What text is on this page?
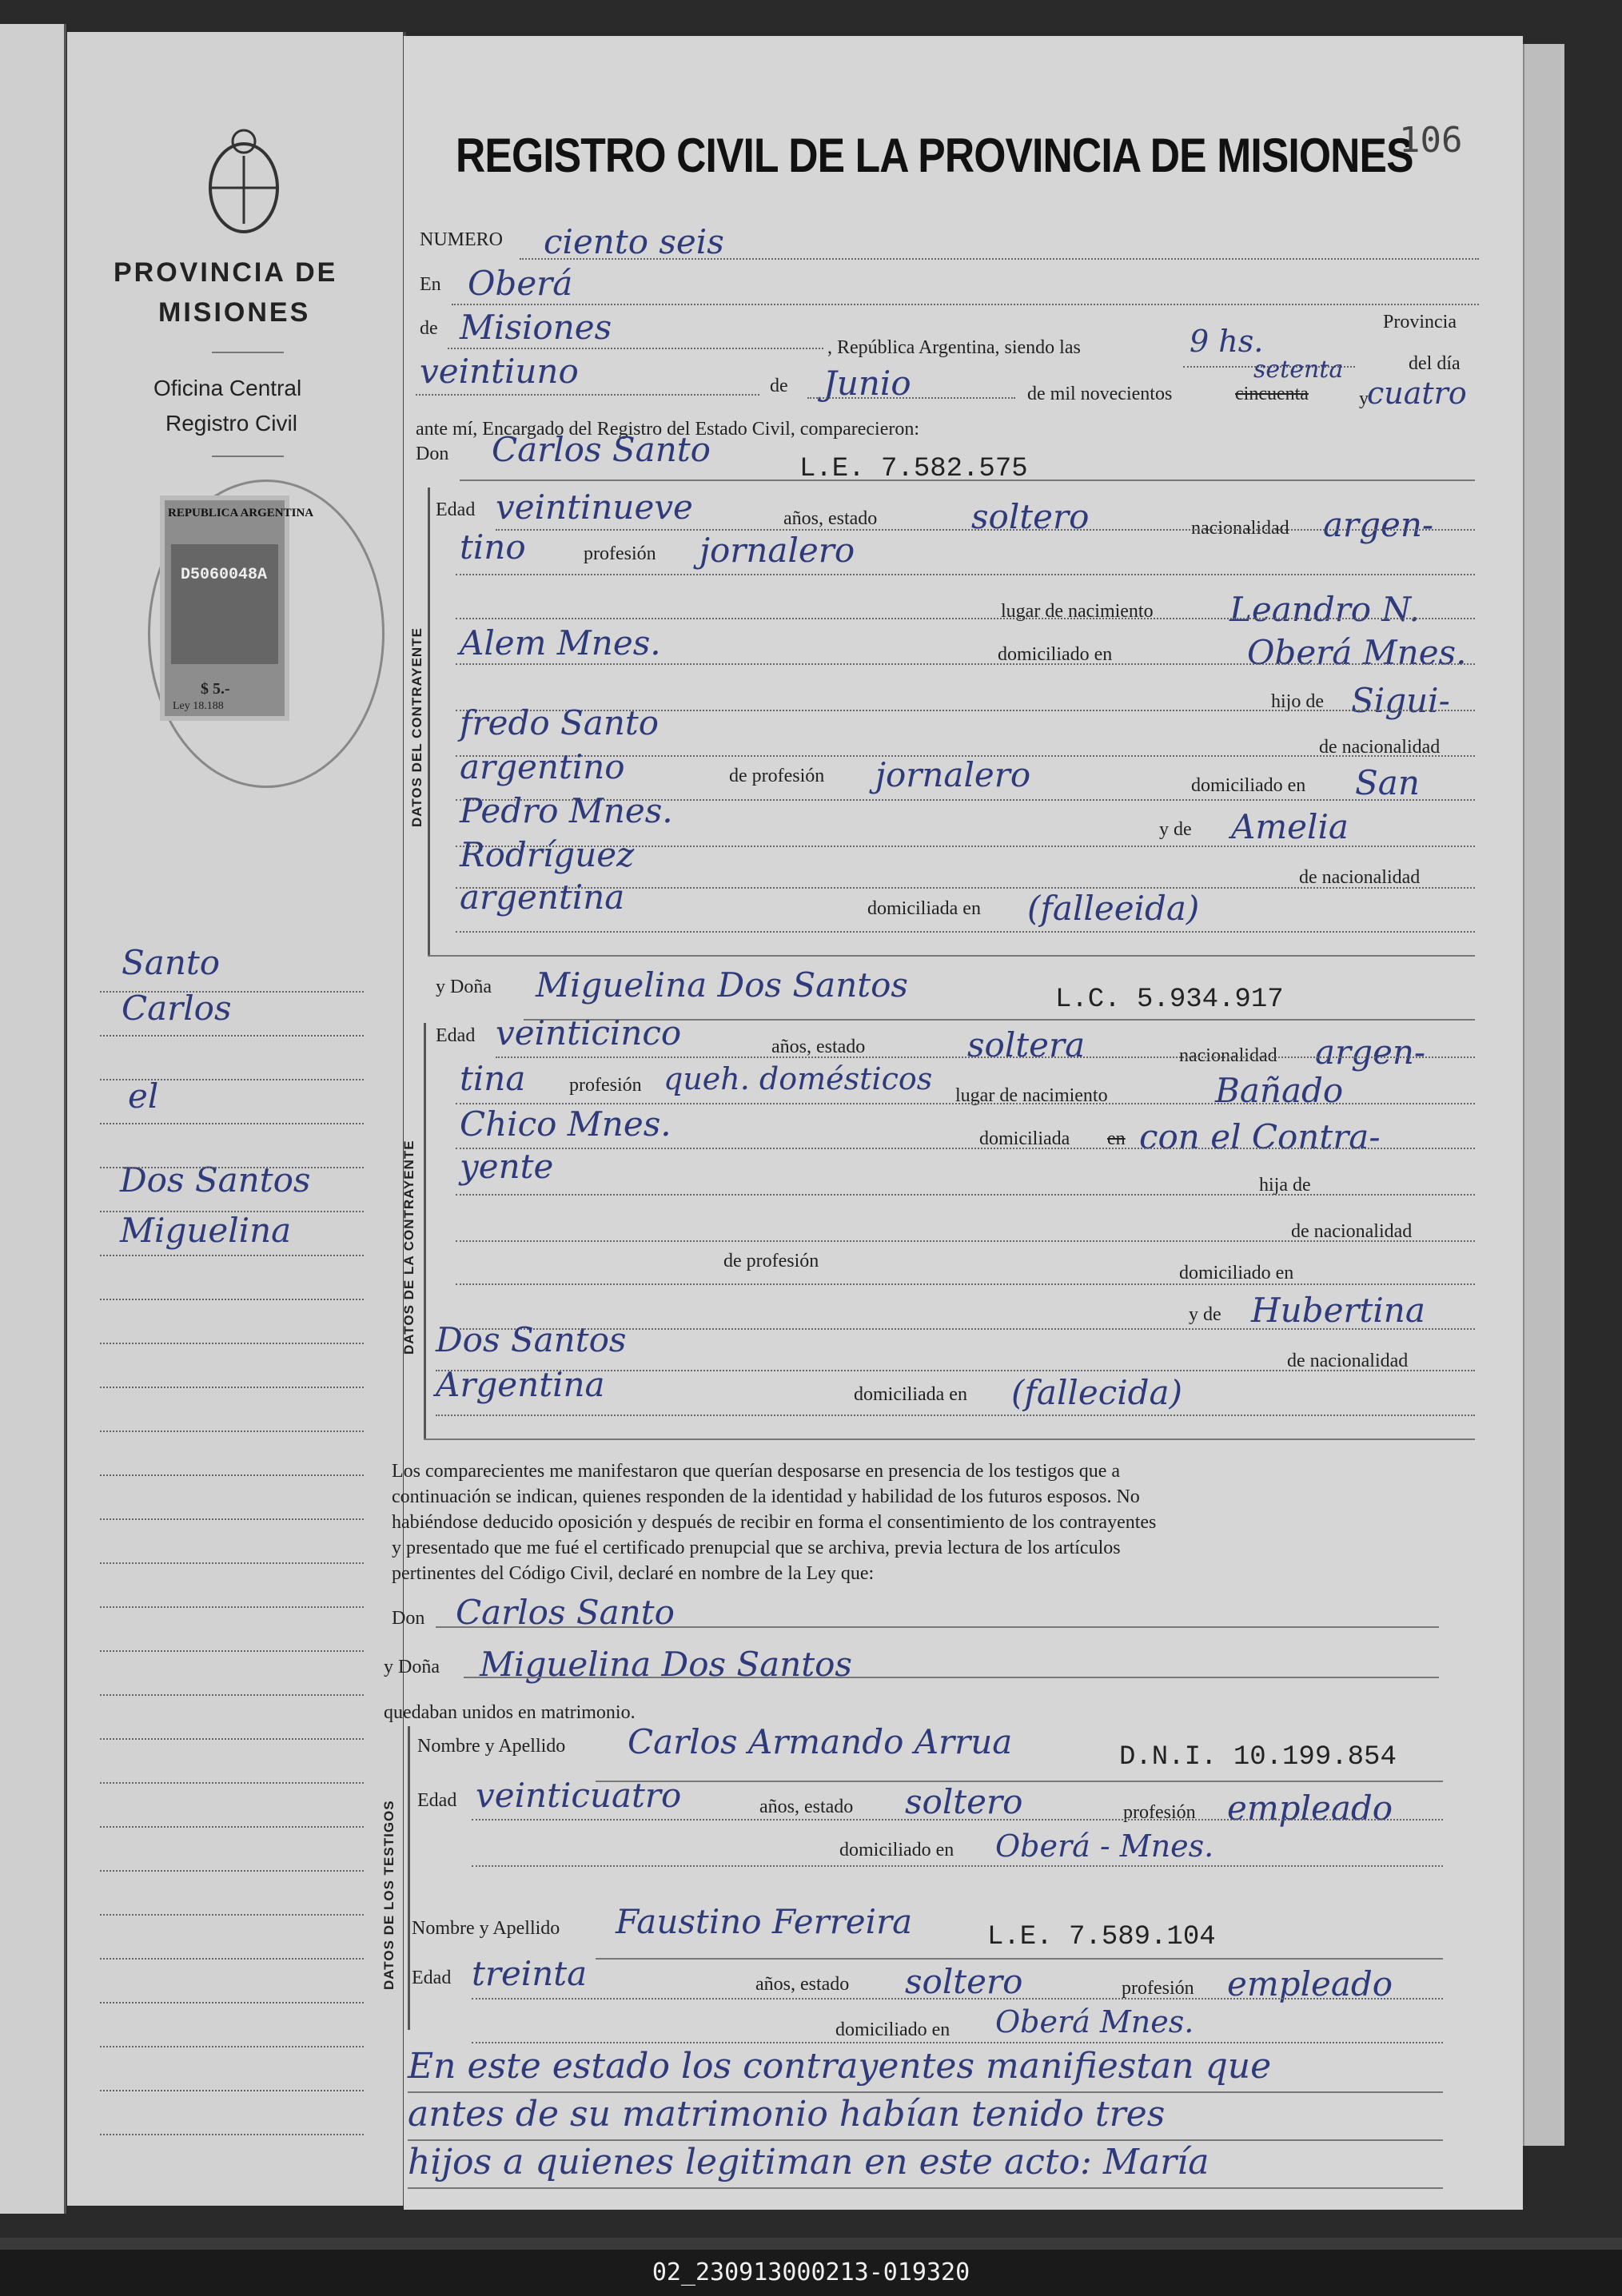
PROVINCIA DE
MISIONES
Oficina Central
Registro Civil
REPUBLICA ARGENTINA
D5060048A
$ 5.-
Ley 18.188
Santo
Carlos
el
Dos Santos
Miguelina
REGISTRO CIVIL DE LA PROVINCIA DE MISIONES
106
NUMERO ciento seis
En Oberá
de Misiones
, República Argentina, siendo las	9 hs.
Provincia
del día
veintiuno	de Junio	de mil novecientos	cincuenta
setenta
y
cuatro
ante mí, Encargado del Registro del Estado Civil, comparecieron:
Don Carlos Santo	L.E. 7.582.575
DATOS DEL CONTRAYENTE
Edad veintinueve	años, estado	soltero	nacionalidad argen-
tino	profesión jornalero
lugar de nacimiento Leandro N.
Alem Mnes.	domiciliado en	Oberá Mnes.
hijo de Sigui-
fredo Santo
de nacionalidad
argentino	de profesión jornalero	domiciliado en San
Pedro Mnes.	y de Amelia
Rodríguez
de nacionalidad
argentina	domiciliada en (falleeida)
y Doña Miguelina Dos Santos	L.C. 5.934.917
DATOS DE LA CONTRAYENTE
Edad veinticinco	años, estado	soltera	nacionalidad argen-
tina profesión queh. domésticos lugar de nacimiento	Bañado
Chico Mnes.	domiciliada en con el Contra-
yente	hija de
de nacionalidad
de profesión
domiciliado en
y de Hubertina
Dos Santos
de nacionalidad
Argentina	domiciliada en (fallecida)
Los comparecientes me manifestaron que querían desposarse en presencia de los testigos que a
continuación se indican, quienes responden de la identidad y habilidad de los futuros esposos. No
habiéndose deducido oposición y después de recibir en forma el consentimiento de los contrayentes
y presentado que me fué el certificado prenupcial que se archiva, previa lectura de los artículos
pertinentes del Código Civil, declaré en nombre de la Ley que:
Don Carlos Santo
y Doña Miguelina Dos Santos
quedaban unidos en matrimonio.
DATOS DE LOS TESTIGOS
Nombre y Apellido Carlos Armando Arrua	D.N.I. 10.199.854
Edad veinticuatro	años, estado soltero	profesión empleado
domiciliado en Oberá - Mnes.
Nombre y Apellido Faustino Ferreira	L.E. 7.589.104
Edad treinta	años, estado soltero	profesión empleado
domiciliado en Oberá Mnes.
En este estado los contrayentes manifiestan que
antes de su matrimonio habían tenido tres
hijos a quienes legitiman en este acto: María
02_230913000213-019320
